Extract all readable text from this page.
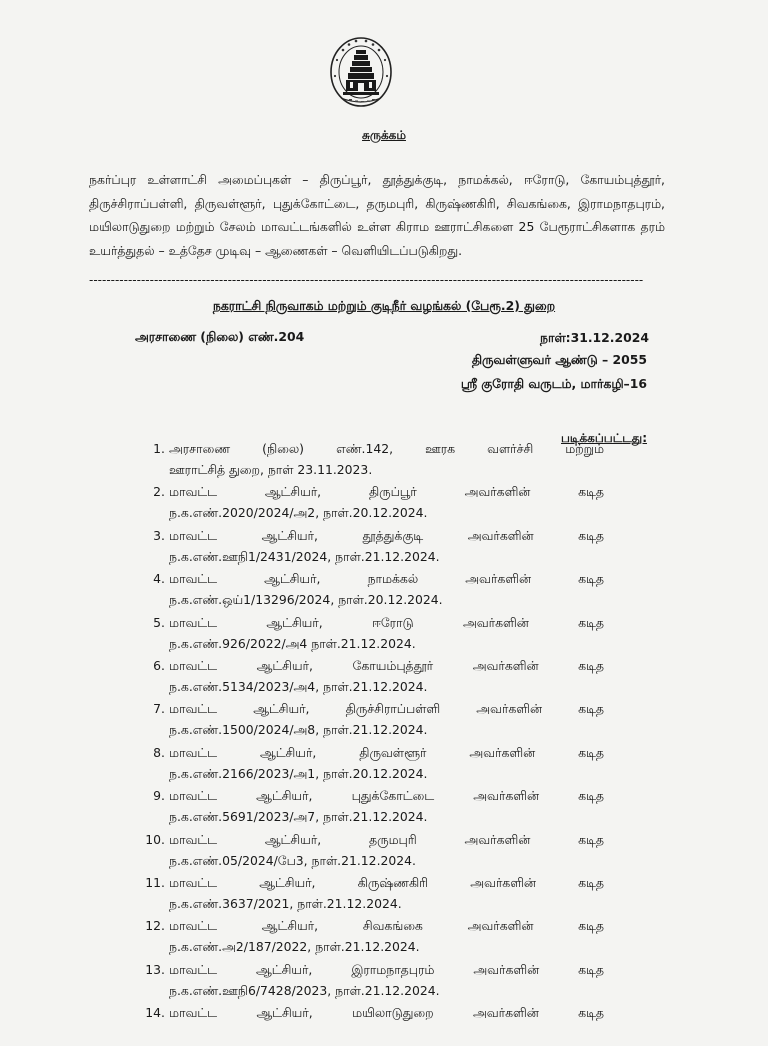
சுருக்கம்
நகர்ப்புர உள்ளாட்சி அமைப்புகள் – திருப்பூர், தூத்துக்குடி, நாமக்கல், ஈரோடு, கோயம்புத்தூர், திருச்சிராப்பள்ளி, திருவள்ளூர், புதுக்கோட்டை, தருமபுரி, கிருஷ்ணகிரி, சிவகங்கை, இராமநாதபுரம், மயிலாடுதுறை மற்றும் சேலம் மாவட்டங்களில் உள்ள கிராம ஊராட்சிகளை 25 பேரூராட்சிகளாக தரம் உயர்த்துதல் – உத்தேச முடிவு – ஆணைகள் – வெளியிடப்படுகிறது.
--------------------------------------------------------------------------------------------------------------------------------
நகராட்சி நிருவாகம் மற்றும் குடிநீர் வழங்கல் (பேரூ.2) துறை
அரசாணை (நிலை) எண்.204	நாள்:31.12.2024
திருவள்ளுவர் ஆண்டு – 2055
ஸ்ரீ குரோதி வருடம், மார்கழி–16
படிக்கப்பட்டது:
1. அரசாணை (நிலை) எண்.142, ஊரக வளர்ச்சி மற்றும்
ஊராட்சித் துறை, நாள் 23.11.2023.
2. மாவட்ட ஆட்சியர், திருப்பூர் அவர்களின் கடித
ந.க.எண்.2020/2024/அ2, நாள்.20.12.2024.
3. மாவட்ட ஆட்சியர், தூத்துக்குடி அவர்களின் கடித
ந.க.எண்.ஊநி1/2431/2024, நாள்.21.12.2024.
4. மாவட்ட ஆட்சியர், நாமக்கல் அவர்களின் கடித
ந.க.எண்.ஒய்1/13296/2024, நாள்.20.12.2024.
5. மாவட்ட ஆட்சியர், ஈரோடு அவர்களின் கடித
ந.க.எண்.926/2022/அ4 நாள்.21.12.2024.
6. மாவட்ட ஆட்சியர், கோயம்புத்தூர் அவர்களின் கடித
ந.க.எண்.5134/2023/அ4, நாள்.21.12.2024.
7. மாவட்ட ஆட்சியர், திருச்சிராப்பள்ளி அவர்களின் கடித
ந.க.எண்.1500/2024/அ8, நாள்.21.12.2024.
8. மாவட்ட ஆட்சியர், திருவள்ளூர் அவர்களின் கடித
ந.க.எண்.2166/2023/அ1, நாள்.20.12.2024.
9. மாவட்ட ஆட்சியர், புதுக்கோட்டை அவர்களின் கடித
ந.க.எண்.5691/2023/அ7, நாள்.21.12.2024.
10. மாவட்ட ஆட்சியர், தருமபுரி அவர்களின் கடித
ந.க.எண்.05/2024/பே3, நாள்.21.12.2024.
11. மாவட்ட ஆட்சியர், கிருஷ்ணகிரி அவர்களின் கடித
ந.க.எண்.3637/2021, நாள்.21.12.2024.
12. மாவட்ட ஆட்சியர், சிவகங்கை அவர்களின் கடித
ந.க.எண்.அ2/187/2022, நாள்.21.12.2024.
13. மாவட்ட ஆட்சியர், இராமநாதபுரம் அவர்களின் கடித
ந.க.எண்.ஊநி6/7428/2023, நாள்.21.12.2024.
14. மாவட்ட ஆட்சியர், மயிலாடுதுறை அவர்களின் கடித
